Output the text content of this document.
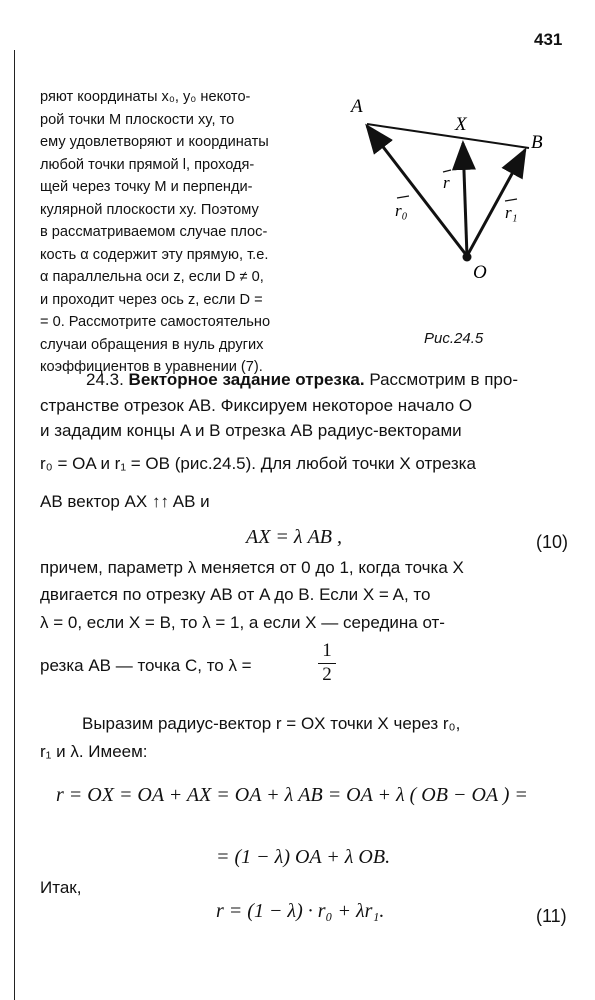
431
ряют координаты x₀, y₀ некото-
рой точки M плоскости xy, то
ему удовлетворяют и координаты
любой точки прямой l, проходя-
щей через точку M и перпенди-
кулярной плоскости xy. Поэтому
в рассматриваемом случае плос-
кость α содержит эту прямую, т.е.
α параллельна оси z, если D ≠ 0,
и проходит через ось z, если D =
= 0. Рассмотрите самостоятельно
случаи обращения в нуль других
коэффициентов в уравнении (7).
A
X
B
O
r₀
r
r₁
Рис.24.5
24.3. Векторное задание отрезка. Рассмотрим в про-
странстве отрезок AB. Фиксируем некоторое начало O
и зададим концы A и B отрезка AB радиус-векторами
r₀ = OA и r₁ = OB (рис.24.5). Для любой точки X отрезка
AB вектор AX ↑↑ AB и
AX = λ AB ,	(10)
причем, параметр λ меняется от 0 до 1, когда точка X
двигается по отрезку AB от A до B. Если X = A, то
λ = 0, если X = B, то λ = 1, а если X — середина от-
резка AB — точка C, то λ =	$\frac{1}{2}$
Выразим радиус-вектор r = OX точки X через r₀,
r₁ и λ. Имеем:
r = OX = OA + AX = OA + λ AB = OA + λ ( OB − OA ) =
= (1 − λ) OA + λ OB.
Итак,
r = (1 − λ) · r₀ + λr₁.	(11)
